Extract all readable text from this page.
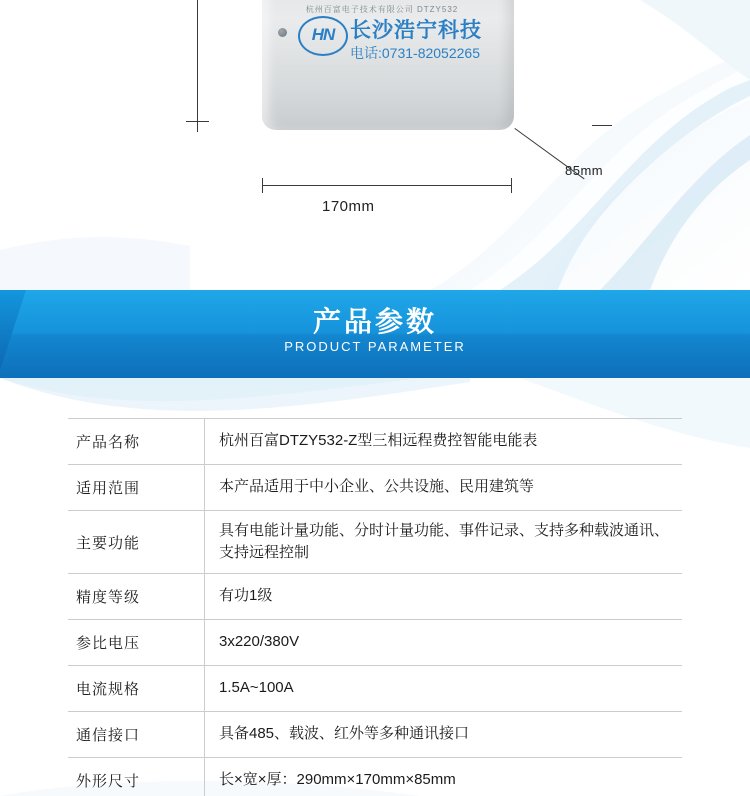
杭州百富电子技术有限公司 DTZY532
HN 长沙浩宁科技
电话:0731-82052265
170mm
85mm
产品参数
PRODUCT PARAMETER
产品名称	杭州百富DTZY532-Z型三相远程费控智能电能表
适用范围	本产品适用于中小企业、公共设施、民用建筑等
主要功能	具有电能计量功能、分时计量功能、事件记录、支持多种载波通讯、支持远程控制
精度等级	有功1级
参比电压	3x220/380V
电流规格	1.5A~100A
通信接口	具备485、载波、红外等多种通讯接口
外形尺寸	长×宽×厚：290mm×170mm×85mm
